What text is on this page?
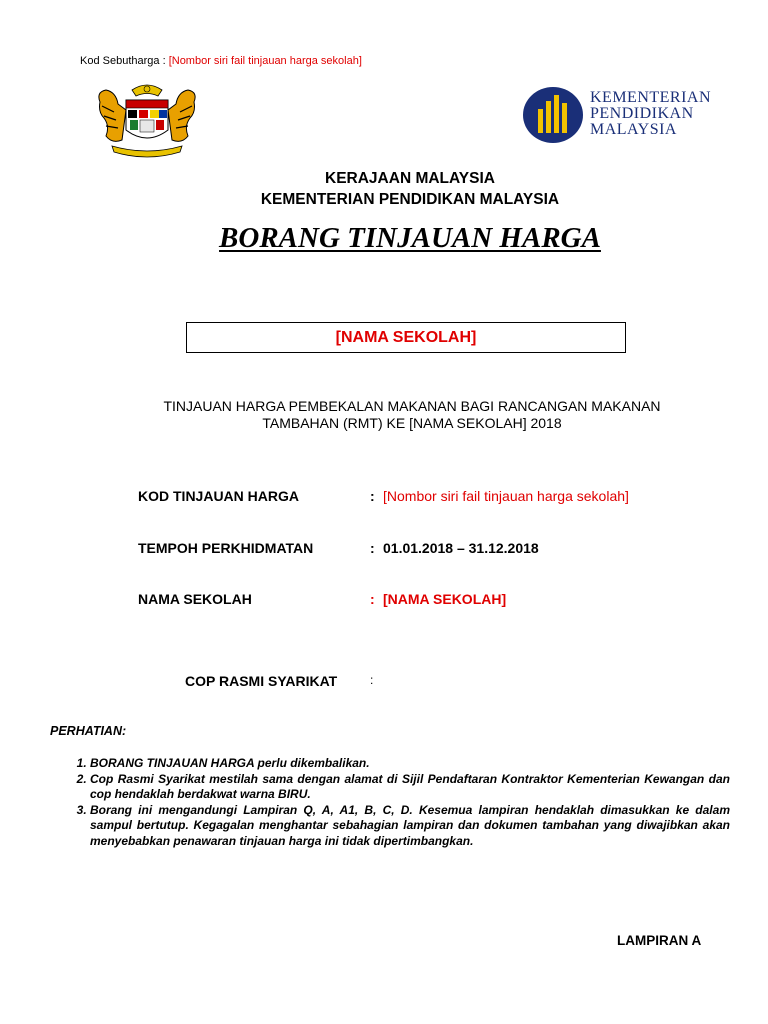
Kod Sebutharga : [Nombor siri fail tinjauan harga sekolah]
KEMENTERIAN
PENDIDIKAN
MALAYSIA
KERAJAAN MALAYSIA
KEMENTERIAN PENDIDIKAN MALAYSIA
BORANG TINJAUAN HARGA
[NAMA SEKOLAH]
TINJAUAN HARGA PEMBEKALAN MAKANAN BAGI RANCANGAN MAKANAN
TAMBAHAN (RMT) KE [NAMA SEKOLAH] 2018
KOD TINJAUAN HARGA	: [Nombor siri fail tinjauan harga sekolah]
TEMPOH PERKHIDMATAN	: 01.01.2018 – 31.12.2018
NAMA SEKOLAH	: [NAMA SEKOLAH]
COP RASMI SYARIKAT	:
PERHATIAN:
1. BORANG TINJAUAN HARGA perlu dikembalikan.
2. Cop Rasmi Syarikat mestilah sama dengan alamat di Sijil Pendaftaran Kontraktor Kementerian Kewangan dan cop hendaklah berdakwat warna BIRU.
3. Borang ini mengandungi Lampiran Q, A, A1, B, C, D. Kesemua lampiran hendaklah dimasukkan ke dalam sampul bertutup. Kegagalan menghantar sebahagian lampiran dan dokumen tambahan yang diwajibkan akan menyebabkan penawaran tinjauan harga ini tidak dipertimbangkan.
LAMPIRAN A
